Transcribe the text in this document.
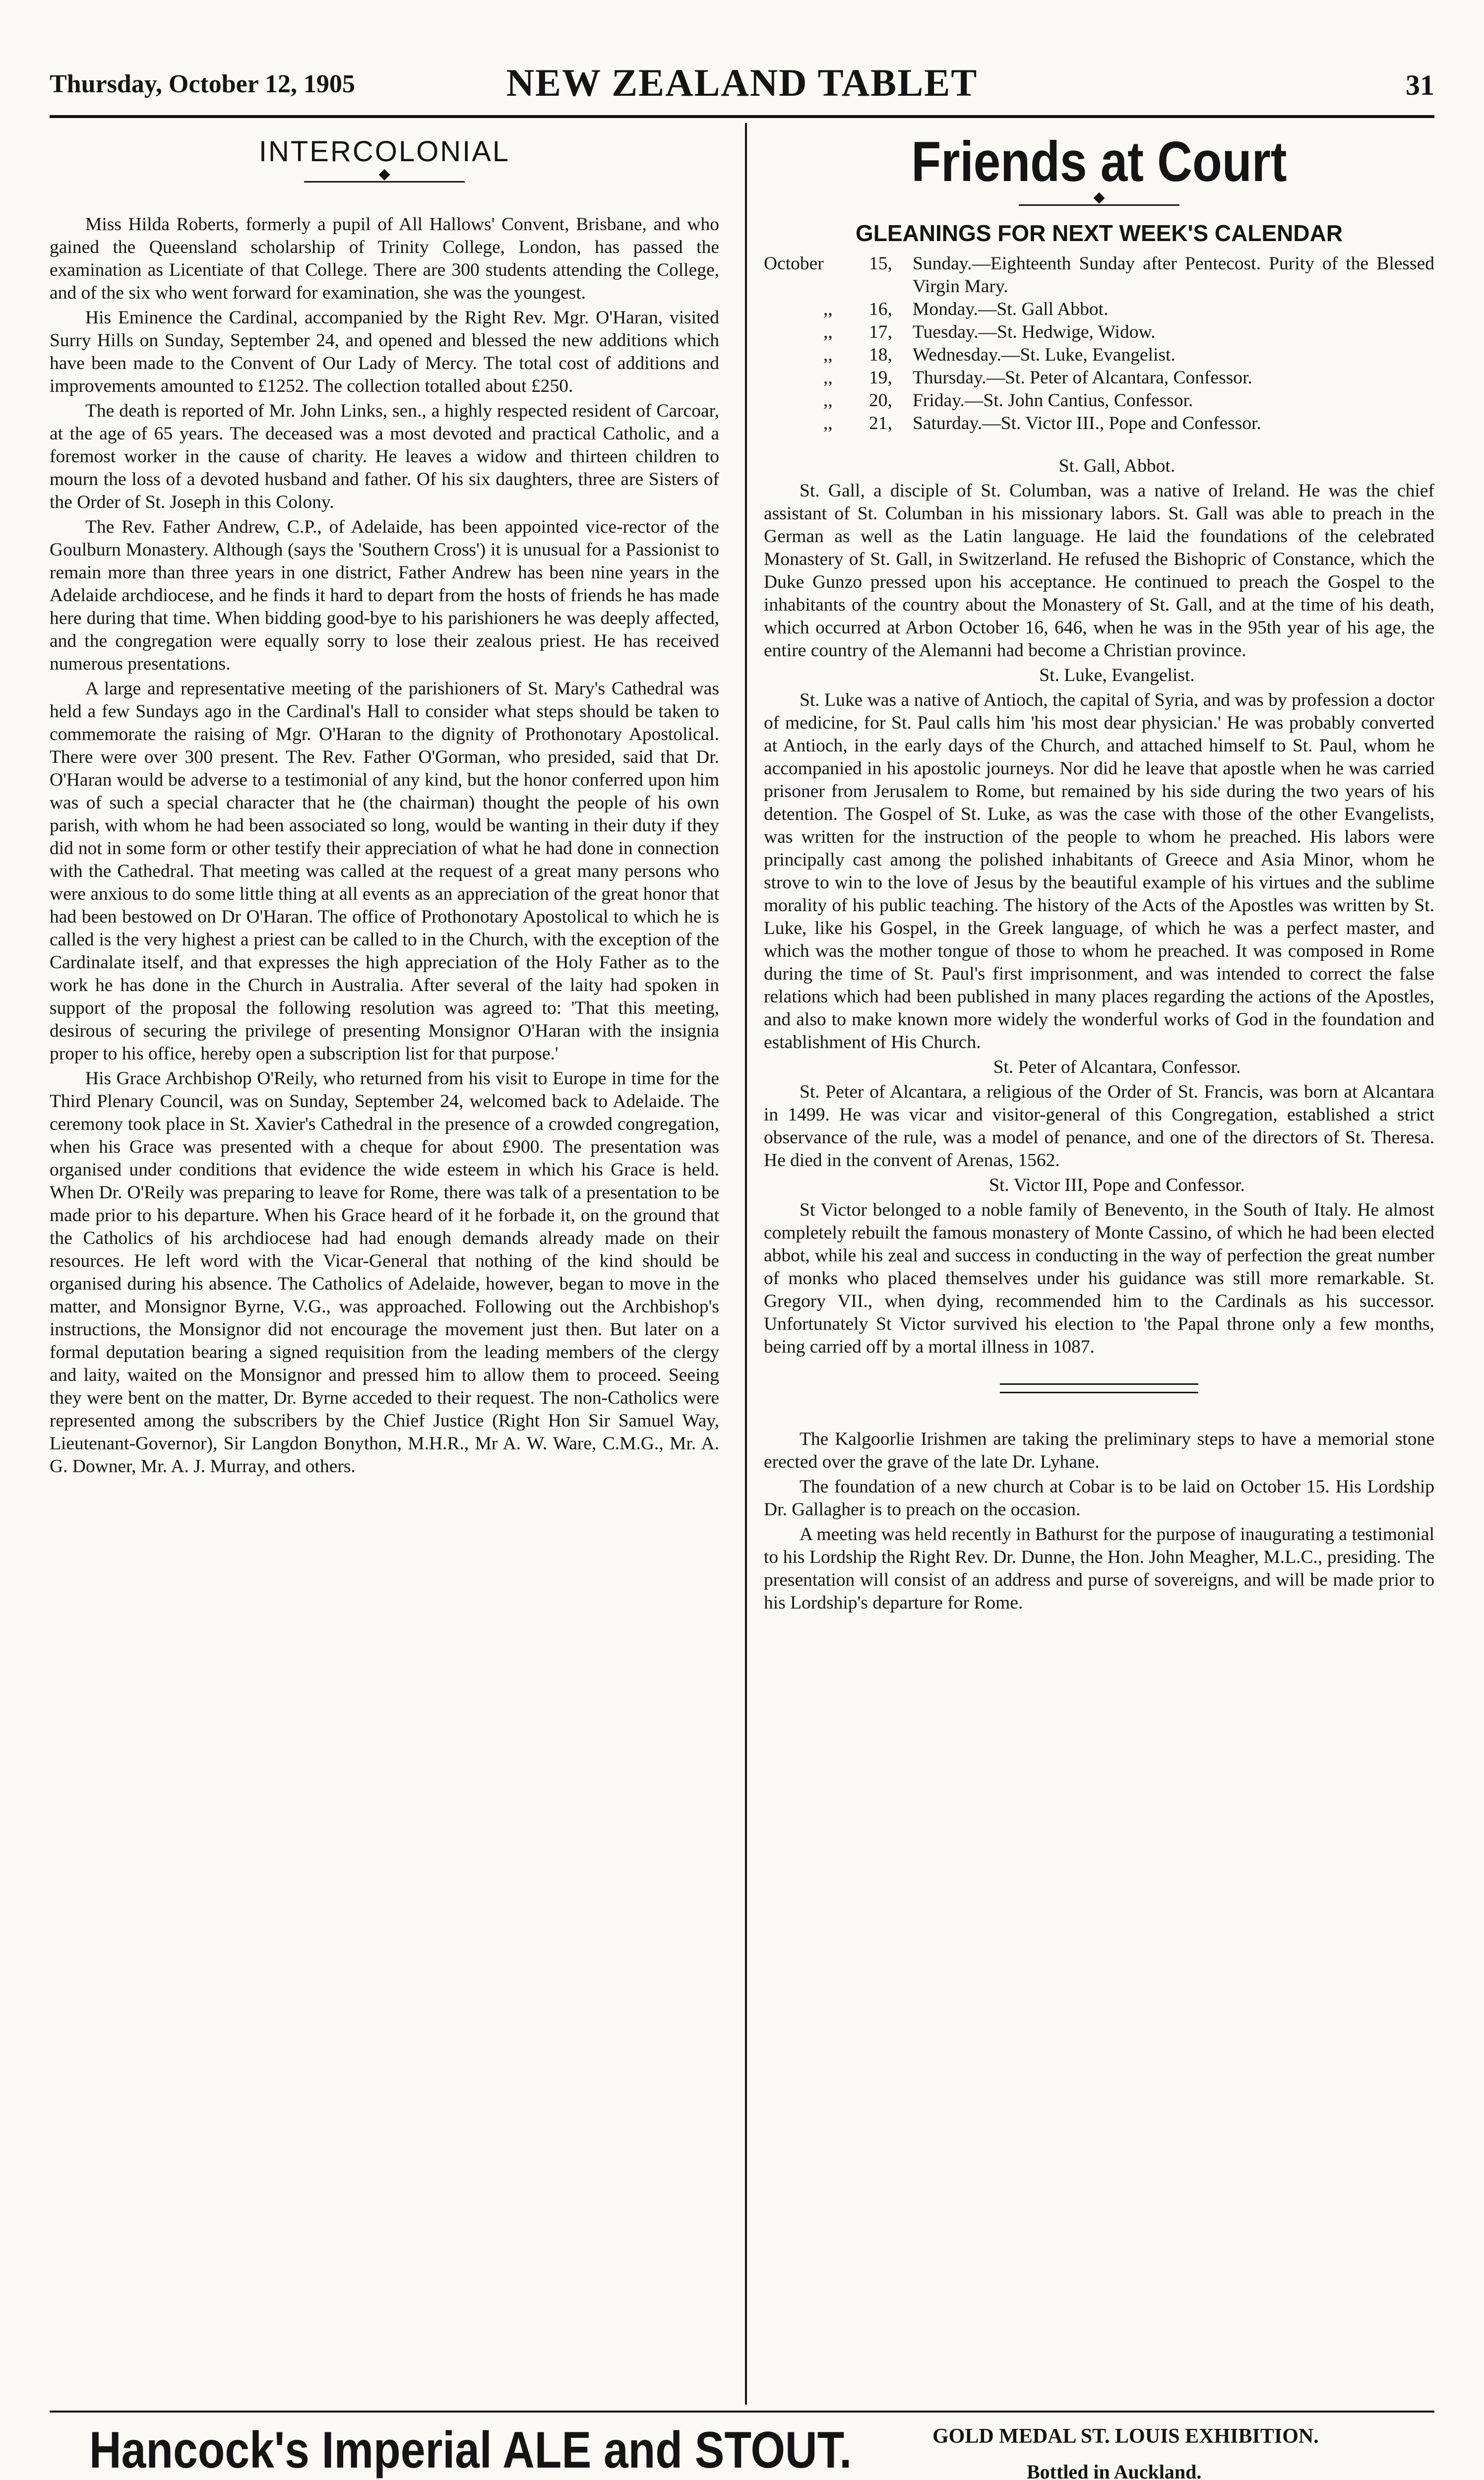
Thursday, October 12, 1905	NEW ZEALAND TABLET	31
INTERCOLONIAL
◆

Miss Hilda Roberts, formerly a pupil of All Hallows' Convent, Brisbane, and who gained the Queensland scholarship of Trinity College, London, has passed the examination as Licentiate of that College. There are 300 students attending the College, and of the six who went forward for examination, she was the youngest.

His Eminence the Cardinal, accompanied by the Right Rev. Mgr. O'Haran, visited Surry Hills on Sunday, September 24, and opened and blessed the new additions which have been made to the Convent of Our Lady of Mercy. The total cost of additions and improvements amounted to £1252. The collection totalled about £250.

The death is reported of Mr. John Links, sen., a highly respected resident of Carcoar, at the age of 65 years. The deceased was a most devoted and practical Catholic, and a foremost worker in the cause of charity. He leaves a widow and thirteen children to mourn the loss of a devoted husband and father. Of his six daughters, three are Sisters of the Order of St. Joseph in this Colony.

The Rev. Father Andrew, C.P., of Adelaide, has been appointed vice-rector of the Goulburn Monastery. Although (says the 'Southern Cross') it is unusual for a Passionist to remain more than three years in one district, Father Andrew has been nine years in the Adelaide archdiocese, and he finds it hard to depart from the hosts of friends he has made here during that time. When bidding good-bye to his parishioners he was deeply affected, and the congregation were equally sorry to lose their zealous priest. He has received numerous presentations.

A large and representative meeting of the parishioners of St. Mary's Cathedral was held a few Sundays ago in the Cardinal's Hall to consider what steps should be taken to commemorate the raising of Mgr. O'Haran to the dignity of Prothonotary Apostolical. There were over 300 present. The Rev. Father O'Gorman, who presided, said that Dr. O'Haran would be adverse to a testimonial of any kind, but the honor conferred upon him was of such a special character that he (the chairman) thought the people of his own parish, with whom he had been associated so long, would be wanting in their duty if they did not in some form or other testify their appreciation of what he had done in connection with the Cathedral. That meeting was called at the request of a great many persons who were anxious to do some little thing at all events as an appreciation of the great honor that had been bestowed on Dr O'Haran. The office of Prothonotary Apostolical to which he is called is the very highest a priest can be called to in the Church, with the exception of the Cardinalate itself, and that expresses the high appreciation of the Holy Father as to the work he has done in the Church in Australia. After several of the laity had spoken in support of the proposal the following resolution was agreed to: 'That this meeting, desirous of securing the privilege of presenting Monsignor O'Haran with the insignia proper to his office, hereby open a subscription list for that purpose.'

His Grace Archbishop O'Reily, who returned from his visit to Europe in time for the Third Plenary Council, was on Sunday, September 24, welcomed back to Adelaide. The ceremony took place in St. Xavier's Cathedral in the presence of a crowded congregation, when his Grace was presented with a cheque for about £900. The presentation was organised under conditions that evidence the wide esteem in which his Grace is held. When Dr. O'Reily was preparing to leave for Rome, there was talk of a presentation to be made prior to his departure. When his Grace heard of it he forbade it, on the ground that the Catholics of his archdiocese had had enough demands already made on their resources. He left word with the Vicar-General that nothing of the kind should be organised during his absence. The Catholics of Adelaide, however, began to move in the matter, and Monsignor Byrne, V.G., was approached. Following out the Archbishop's instructions, the Monsignor did not encourage the movement just then. But later on a formal deputation bearing a signed requisition from the leading members of the clergy and laity, waited on the Monsignor and pressed him to allow them to proceed. Seeing they were bent on the matter, Dr. Byrne acceded to their request. The non-Catholics were represented among the subscribers by the Chief Justice (Right Hon Sir Samuel Way, Lieutenant-Governor), Sir Langdon Bonython, M.H.R., Mr A. W. Ware, C.M.G., Mr. A. G. Downer, Mr. A. J. Murray, and others.

Friends at Court
◆
GLEANINGS FOR NEXT WEEK'S CALENDAR
October	15,	Sunday.—Eighteenth Sunday after Pentecost. Purity of the Blessed Virgin Mary.
,,	16,	Monday.—St. Gall Abbot.
,,	17,	Tuesday.—St. Hedwige, Widow.
,,	18,	Wednesday.—St. Luke, Evangelist.
,,	19,	Thursday.—St. Peter of Alcantara, Confessor.
,,	20,	Friday.—St. John Cantius, Confessor.
,,	21,	Saturday.—St. Victor III., Pope and Confessor.

St. Gall, Abbot.

St. Gall, a disciple of St. Columban, was a native of Ireland. He was the chief assistant of St. Columban in his missionary labors. St. Gall was able to preach in the German as well as the Latin language. He laid the foundations of the celebrated Monastery of St. Gall, in Switzerland. He refused the Bishopric of Constance, which the Duke Gunzo pressed upon his acceptance. He continued to preach the Gospel to the inhabitants of the country about the Monastery of St. Gall, and at the time of his death, which occurred at Arbon October 16, 646, when he was in the 95th year of his age, the entire country of the Alemanni had become a Christian province.

St. Luke, Evangelist.

St. Luke was a native of Antioch, the capital of Syria, and was by profession a doctor of medicine, for St. Paul calls him 'his most dear physician.' He was probably converted at Antioch, in the early days of the Church, and attached himself to St. Paul, whom he accompanied in his apostolic journeys. Nor did he leave that apostle when he was carried prisoner from Jerusalem to Rome, but remained by his side during the two years of his detention. The Gospel of St. Luke, as was the case with those of the other Evangelists, was written for the instruction of the people to whom he preached. His labors were principally cast among the polished inhabitants of Greece and Asia Minor, whom he strove to win to the love of Jesus by the beautiful example of his virtues and the sublime morality of his public teaching. The history of the Acts of the Apostles was written by St. Luke, like his Gospel, in the Greek language, of which he was a perfect master, and which was the mother tongue of those to whom he preached. It was composed in Rome during the time of St. Paul's first imprisonment, and was intended to correct the false relations which had been published in many places regarding the actions of the Apostles, and also to make known more widely the wonderful works of God in the foundation and establishment of His Church.

St. Peter of Alcantara, Confessor.

St. Peter of Alcantara, a religious of the Order of St. Francis, was born at Alcantara in 1499. He was vicar and visitor-general of this Congregation, established a strict observance of the rule, was a model of penance, and one of the directors of St. Theresa. He died in the convent of Arenas, 1562.

St. Victor III, Pope and Confessor.

St Victor belonged to a noble family of Benevento, in the South of Italy. He almost completely rebuilt the famous monastery of Monte Cassino, of which he had been elected abbot, while his zeal and success in conducting in the way of perfection the great number of monks who placed themselves under his guidance was still more remarkable. St. Gregory VII., when dying, recommended him to the Cardinals as his successor. Unfortunately St Victor survived his election to 'the Papal throne only a few months, being carried off by a mortal illness in 1087.

The Kalgoorlie Irishmen are taking the preliminary steps to have a memorial stone erected over the grave of the late Dr. Lyhane.

The foundation of a new church at Cobar is to be laid on October 15. His Lordship Dr. Gallagher is to preach on the occasion.

A meeting was held recently in Bathurst for the purpose of inaugurating a testimonial to his Lordship the Right Rev. Dr. Dunne, the Hon. John Meagher, M.L.C., presiding. The presentation will consist of an address and purse of sovereigns, and will be made prior to his Lordship's departure for Rome.

Hancock's Imperial ALE and STOUT.	GOLD MEDAL ST. LOUIS EXHIBITION.
Bottled in Auckland.
